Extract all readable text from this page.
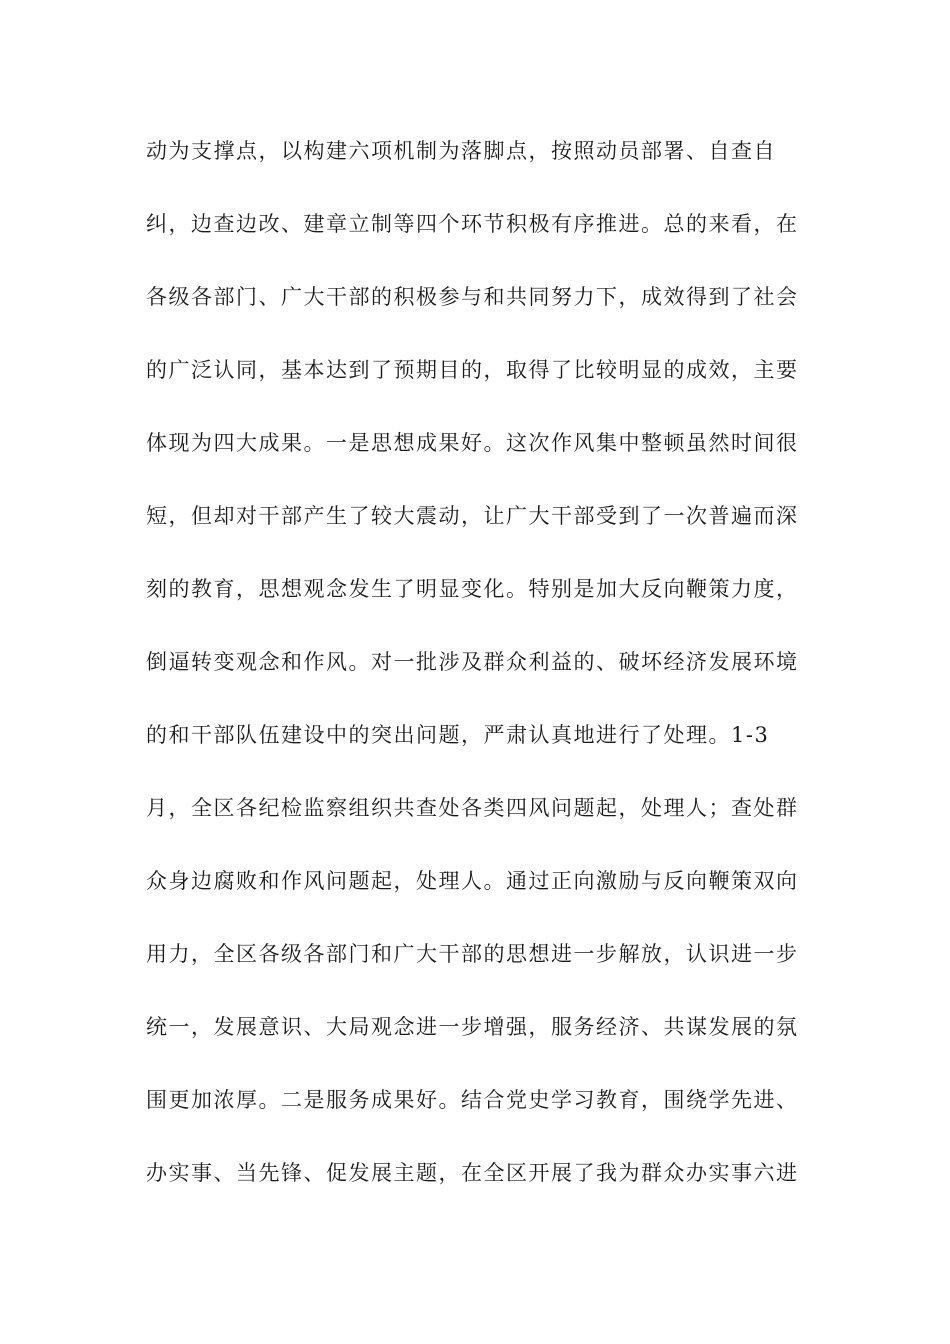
动为支撑点，以构建六项机制为落脚点，按照动员部署、自查自
纠，边查边改、建章立制等四个环节积极有序推进。总的来看，在
各级各部门、广大干部的积极参与和共同努力下，成效得到了社会
的广泛认同，基本达到了预期目的，取得了比较明显的成效，主要
体现为四大成果。一是思想成果好。这次作风集中整顿虽然时间很
短，但却对干部产生了较大震动，让广大干部受到了一次普遍而深
刻的教育，思想观念发生了明显变化。特别是加大反向鞭策力度，
倒逼转变观念和作风。对一批涉及群众利益的、破坏经济发展环境
的和干部队伍建设中的突出问题，严肃认真地进行了处理。1-3
月，全区各纪检监察组织共查处各类四风问题起，处理人；查处群
众身边腐败和作风问题起，处理人。通过正向激励与反向鞭策双向
用力，全区各级各部门和广大干部的思想进一步解放，认识进一步
统一，发展意识、大局观念进一步增强，服务经济、共谋发展的氛
围更加浓厚。二是服务成果好。结合党史学习教育，围绕学先进、
办实事、当先锋、促发展主题，在全区开展了我为群众办实事六进
